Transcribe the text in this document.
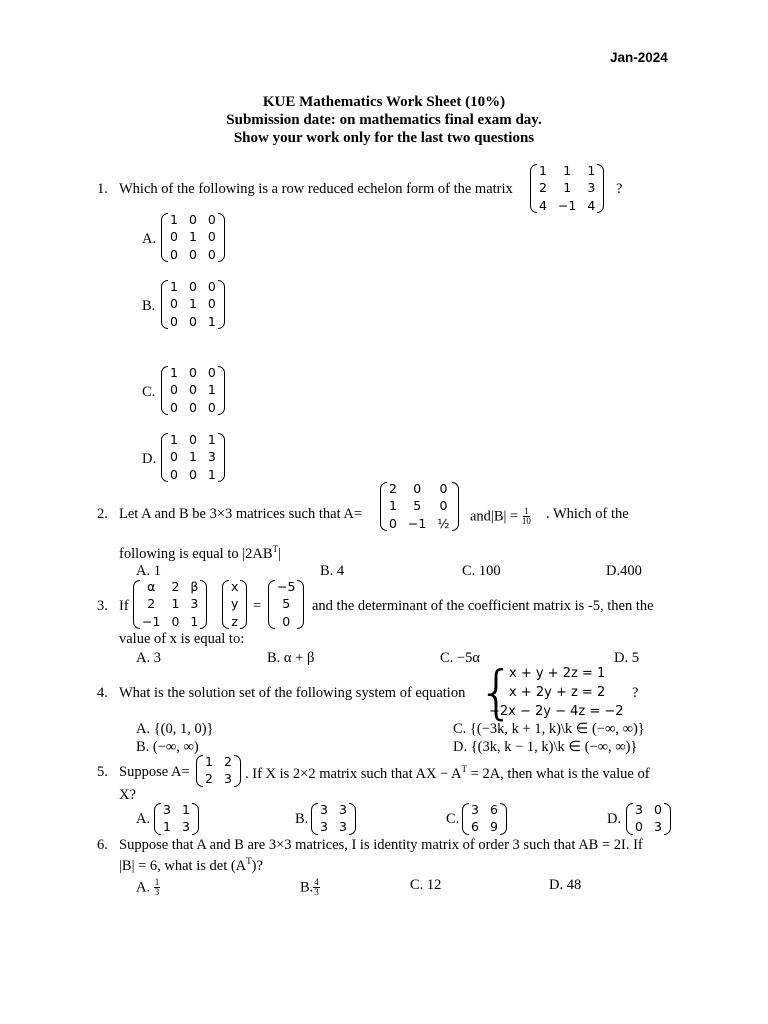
Jan-2024
KUE Mathematics Work Sheet (10%)
Submission date: on mathematics final exam day.
Show your work only for the last two questions
1. Which of the following is a row reduced echelon form of the matrix
1	1	1
2	1	3
4 −1 4
?
A.
1 0 0
0 1 0
0 0 0
B.
1 0 0
0 1 0
0 0 1
C.
1 0 0
0 0 1
0 0 0
D.
1 0 1
0 1 3
0 0 1
2. Let A and B be 3×3 matrices such that A=
2	0	0
1	5	0
0 −1 ½ $and|B| = \frac{1}{10}$ . Which of the
following is equal to $|2AB^T|$
A. 1	B. 4	C. 100	D.400
3. If
α	2 β
2	1 3
−1 0 1
x
y
z
=
−5
5
0
and the determinant of the coefficient matrix is -5, then the
value of x is equal to:
A. 3	B. α + β	C. −5α	D. 5
4. What is the solution set of the following system of equation {
x + y + 2z = 1
x + 2y + z = 2
−2x − 2y − 4z = −2
?
A. {(0, 1, 0)}
B. (−∞, ∞)
C. {(−3k, k + 1, k)\k ∈ (−∞, ∞)}
D. {(3k, k − 1, k)\k ∈ (−∞, ∞)}
5. Suppose A=
1 2
2 3 . If X is 2×2 matrix such that AX − $A^T = 2A$, then what is the value of
X?
A.
3 1
1 3	B.
3 3
3 3	C.
3 6
6 9	D.
3 0
0 3
6. Suppose that A and B are 3×3 matrices, I is identity matrix of order 3 such that AB = 2I. If
|B| = 6, what is $\det (A^T)$?
A. $\frac{1}{3}$	B. $\frac{4}{3}$	C. 12	D. 48
